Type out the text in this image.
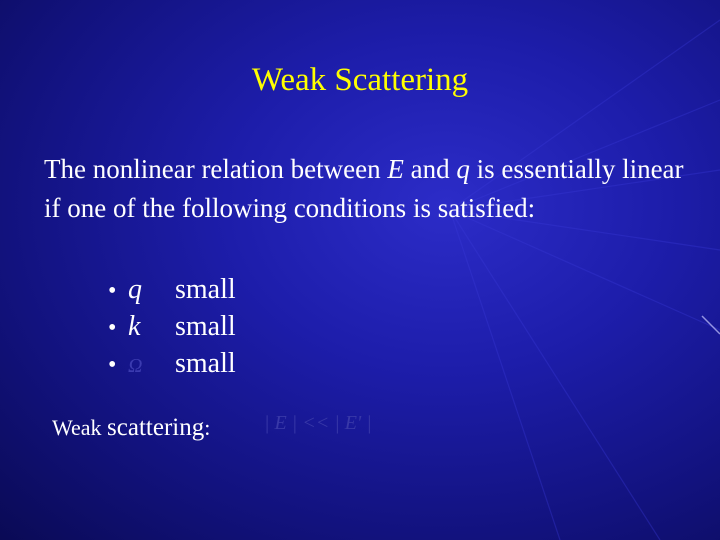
Weak Scattering
The nonlinear relation between E and q is essentially linear if one of the following conditions is satisfied:
• q	small
• k	small
• Ω	small
Weak scattering:	| E | << | E' |
